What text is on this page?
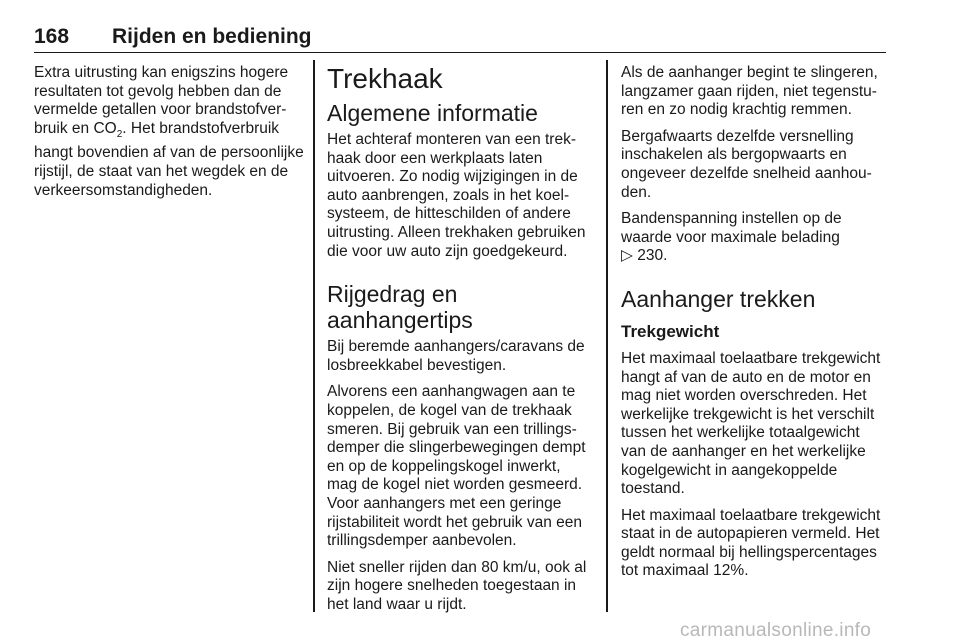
168	Rijden en bediening

Extra uitrusting kan enigszins hogere resultaten tot gevolg hebben dan de vermelde getallen voor brandstofverbruik en $CO_2$. Het brandstofverbruik hangt bovendien af van de persoonlijke rijstijl, de staat van het wegdek en de verkeersomstandigheden.

Trekhaak
Algemene informatie

Het achteraf monteren van een trekhaak door een werkplaats laten uitvoeren. Zo nodig wijzigingen in de auto aanbrengen, zoals in het koelsysteem, de hitteschilden of andere uitrusting. Alleen trekhaken gebruiken die voor uw auto zijn goedgekeurd.

Rijgedrag en aanhangertips

Bij beremde aanhangers/caravans de losbreekkabel bevestigen.

Alvorens een aanhangwagen aan te koppelen, de kogel van de trekhaak smeren. Bij gebruik van een trillingsdemper die slingerbewegingen dempt en op de koppelingskogel inwerkt, mag de kogel niet worden gesmeerd. Voor aanhangers met een geringe rijstabiliteit wordt het gebruik van een trillingsdemper aanbevolen.

Niet sneller rijden dan 80 km/u, ook al zijn hogere snelheden toegestaan in het land waar u rijdt.

Als de aanhanger begint te slingeren, langzamer gaan rijden, niet tegensturen en zo nodig krachtig remmen.

Bergafwaarts dezelfde versnelling inschakelen als bergopwaarts en ongeveer dezelfde snelheid aanhouden.

Bandenspanning instellen op de waarde voor maximale belading
▷ 230.

Aanhanger trekken
Trekgewicht

Het maximaal toelaatbare trekgewicht hangt af van de auto en de motor en mag niet worden overschreden. Het werkelijke trekgewicht is het verschilt tussen het werkelijke totaalgewicht van de aanhanger en het werkelijke kogelgewicht in aangekoppelde toestand.

Het maximaal toelaatbare trekgewicht staat in de autopapieren vermeld. Het geldt normaal bij hellingspercentages tot maximaal 12%.

carmanualsonline.info
